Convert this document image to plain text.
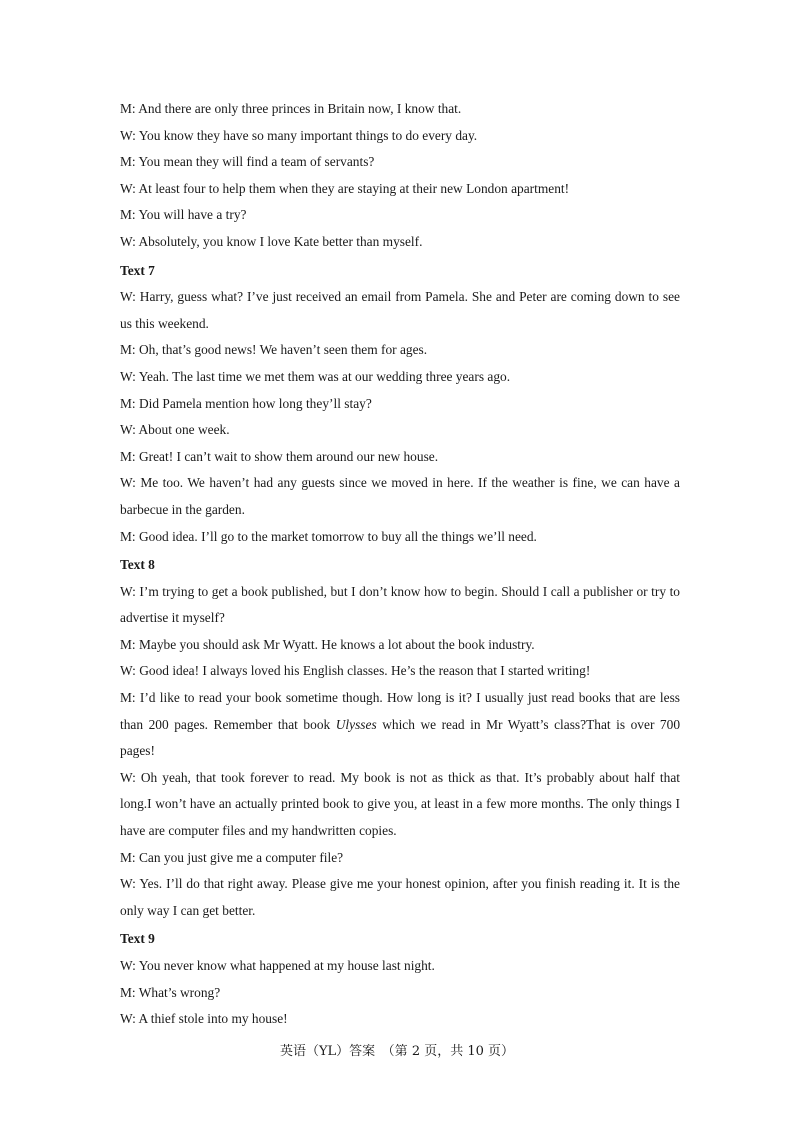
M: And there are only three princes in Britain now, I know that.

W: You know they have so many important things to do every day.

M: You mean they will find a team of servants?

W: At least four to help them when they are staying at their new London apartment!

M: You will have a try?

W: Absolutely, you know I love Kate better than myself.

Text 7

W: Harry, guess what? I’ve just received an email from Pamela. She and Peter are coming down to see us this weekend.

M: Oh, that’s good news! We haven’t seen them for ages.

W: Yeah. The last time we met them was at our wedding three years ago.

M: Did Pamela mention how long they’ll stay?

W: About one week.

M: Great! I can’t wait to show them around our new house.

W: Me too. We haven’t had any guests since we moved in here. If the weather is fine, we can have a barbecue in the garden.

M: Good idea. I’ll go to the market tomorrow to buy all the things we’ll need.

Text 8

W: I’m trying to get a book published, but I don’t know how to begin. Should I call a publisher or try to advertise it myself?

M: Maybe you should ask Mr Wyatt. He knows a lot about the book industry.

W: Good idea! I always loved his English classes. He’s the reason that I started writing!

M: I’d like to read your book sometime though. How long is it? I usually just read books that are less than 200 pages. Remember that book Ulysses which we read in Mr Wyatt’s class?That is over 700 pages!

W: Oh yeah, that took forever to read. My book is not as thick as that. It’s probably about half that long.I won’t have an actually printed book to give you, at least in a few more months. The only things I have are computer files and my handwritten copies.

M: Can you just give me a computer file?

W: Yes. I’ll do that right away. Please give me your honest opinion, after you finish reading it. It is the only way I can get better.

Text 9

W: You never know what happened at my house last night.

M: What’s wrong?

W: A thief stole into my house!

英语（YL）答案　（第 2 页，共 10 页）
